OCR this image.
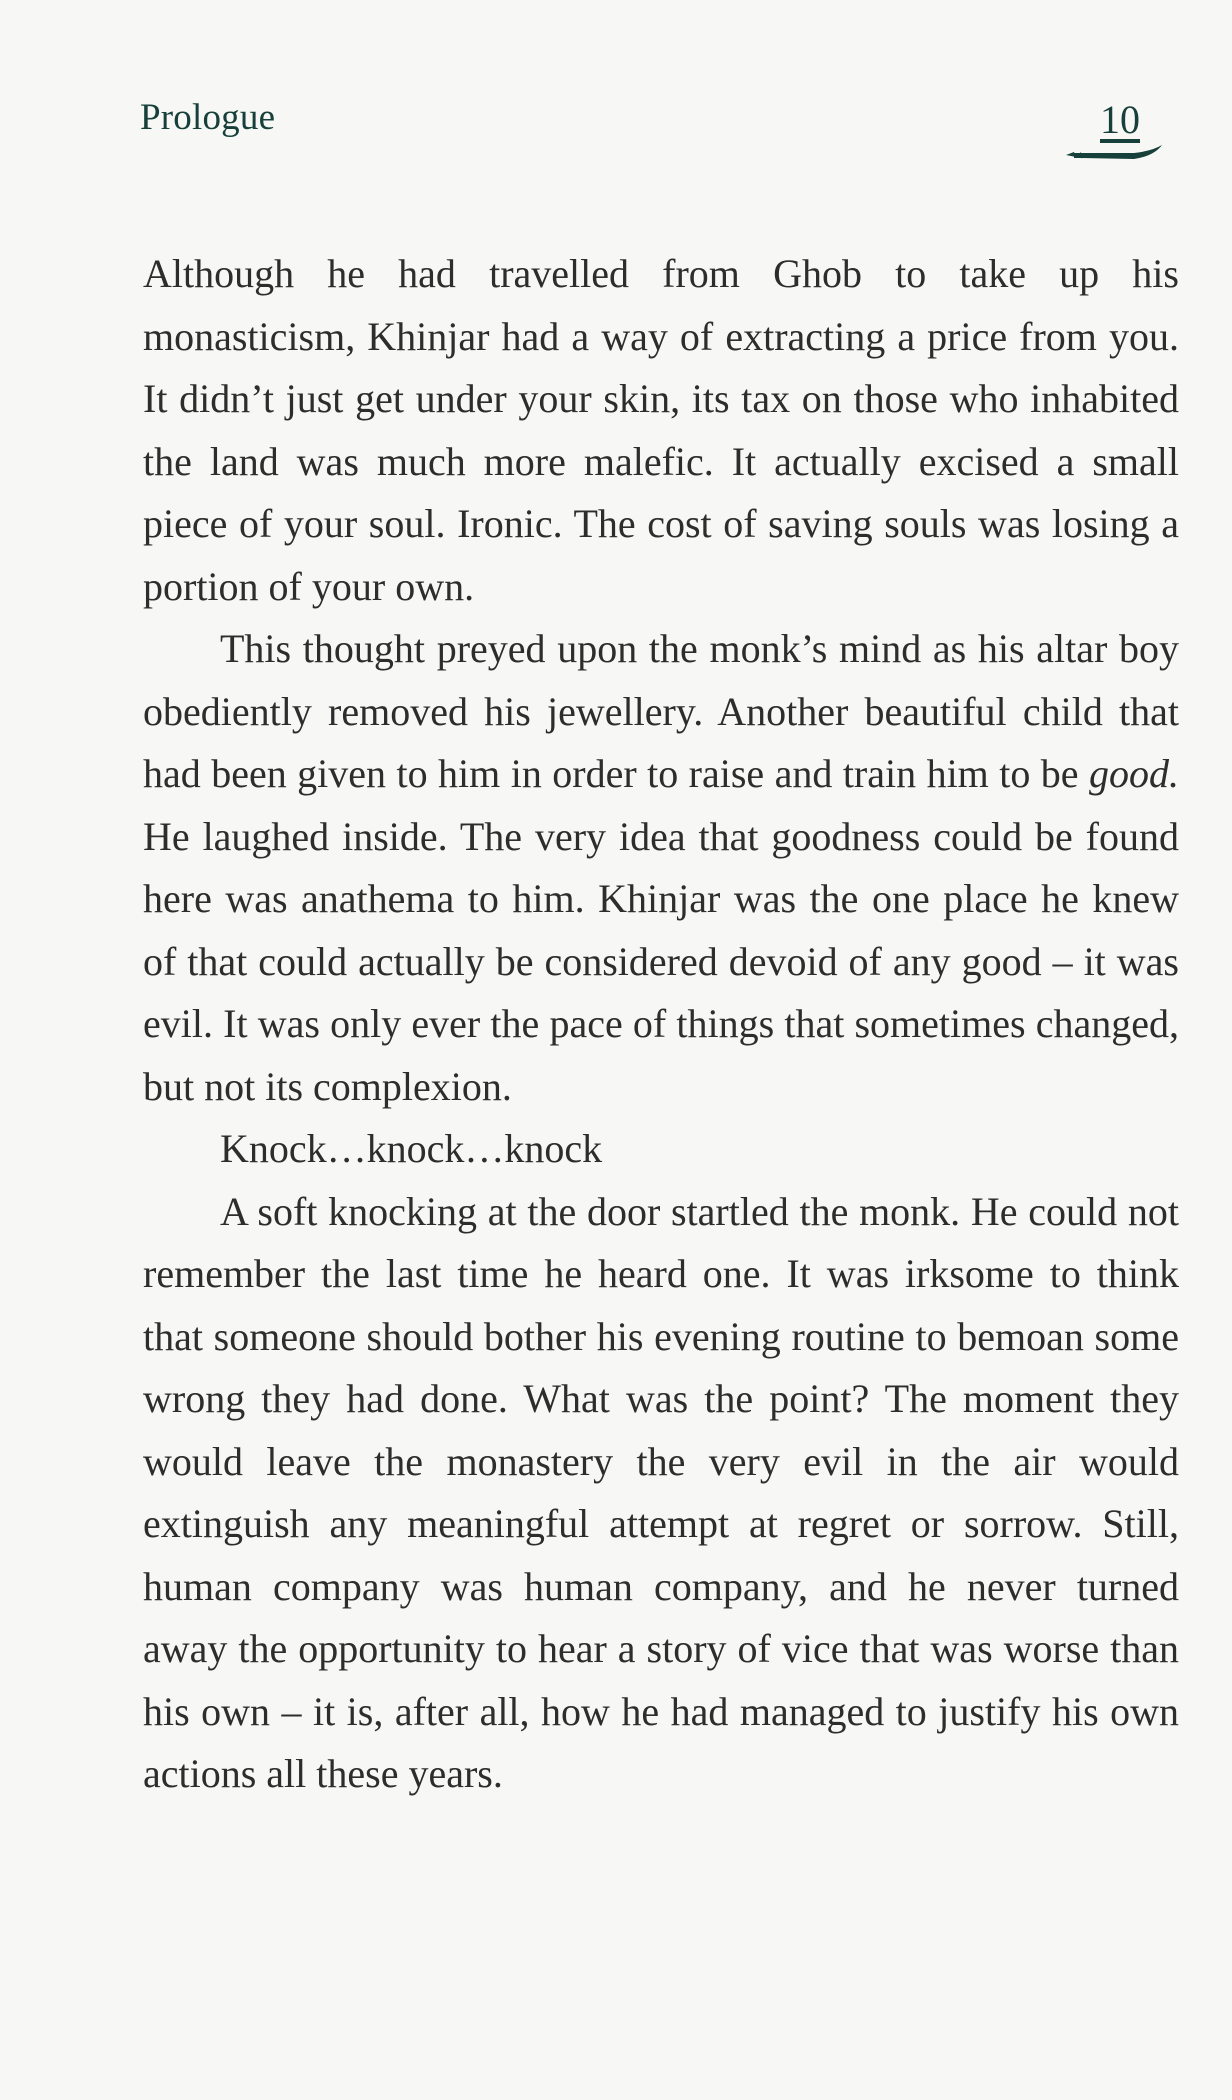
Prologue	10

Although he had travelled from Ghob to take up his monasticism, Khinjar had a way of extracting a price from you. It didn’t just get under your skin, its tax on those who inhabited the land was much more malefic. It actually excised a small piece of your soul. Ironic. The cost of saving souls was losing a portion of your own.

This thought preyed upon the monk’s mind as his altar boy obediently removed his jewellery. Another beautiful child that had been given to him in order to raise and train him to be good. He laughed inside. The very idea that goodness could be found here was anathema to him. Khinjar was the one place he knew of that could actually be considered devoid of any good – it was evil. It was only ever the pace of things that sometimes changed, but not its complexion.

Knock…knock…knock

A soft knocking at the door startled the monk. He could not remember the last time he heard one. It was irksome to think that someone should bother his evening routine to bemoan some wrong they had done. What was the point? The moment they would leave the monastery the very evil in the air would extinguish any meaningful attempt at regret or sorrow. Still, human company was human company, and he never turned away the opportunity to hear a story of vice that was worse than his own – it is, after all, how he had managed to justify his own actions all these years.
